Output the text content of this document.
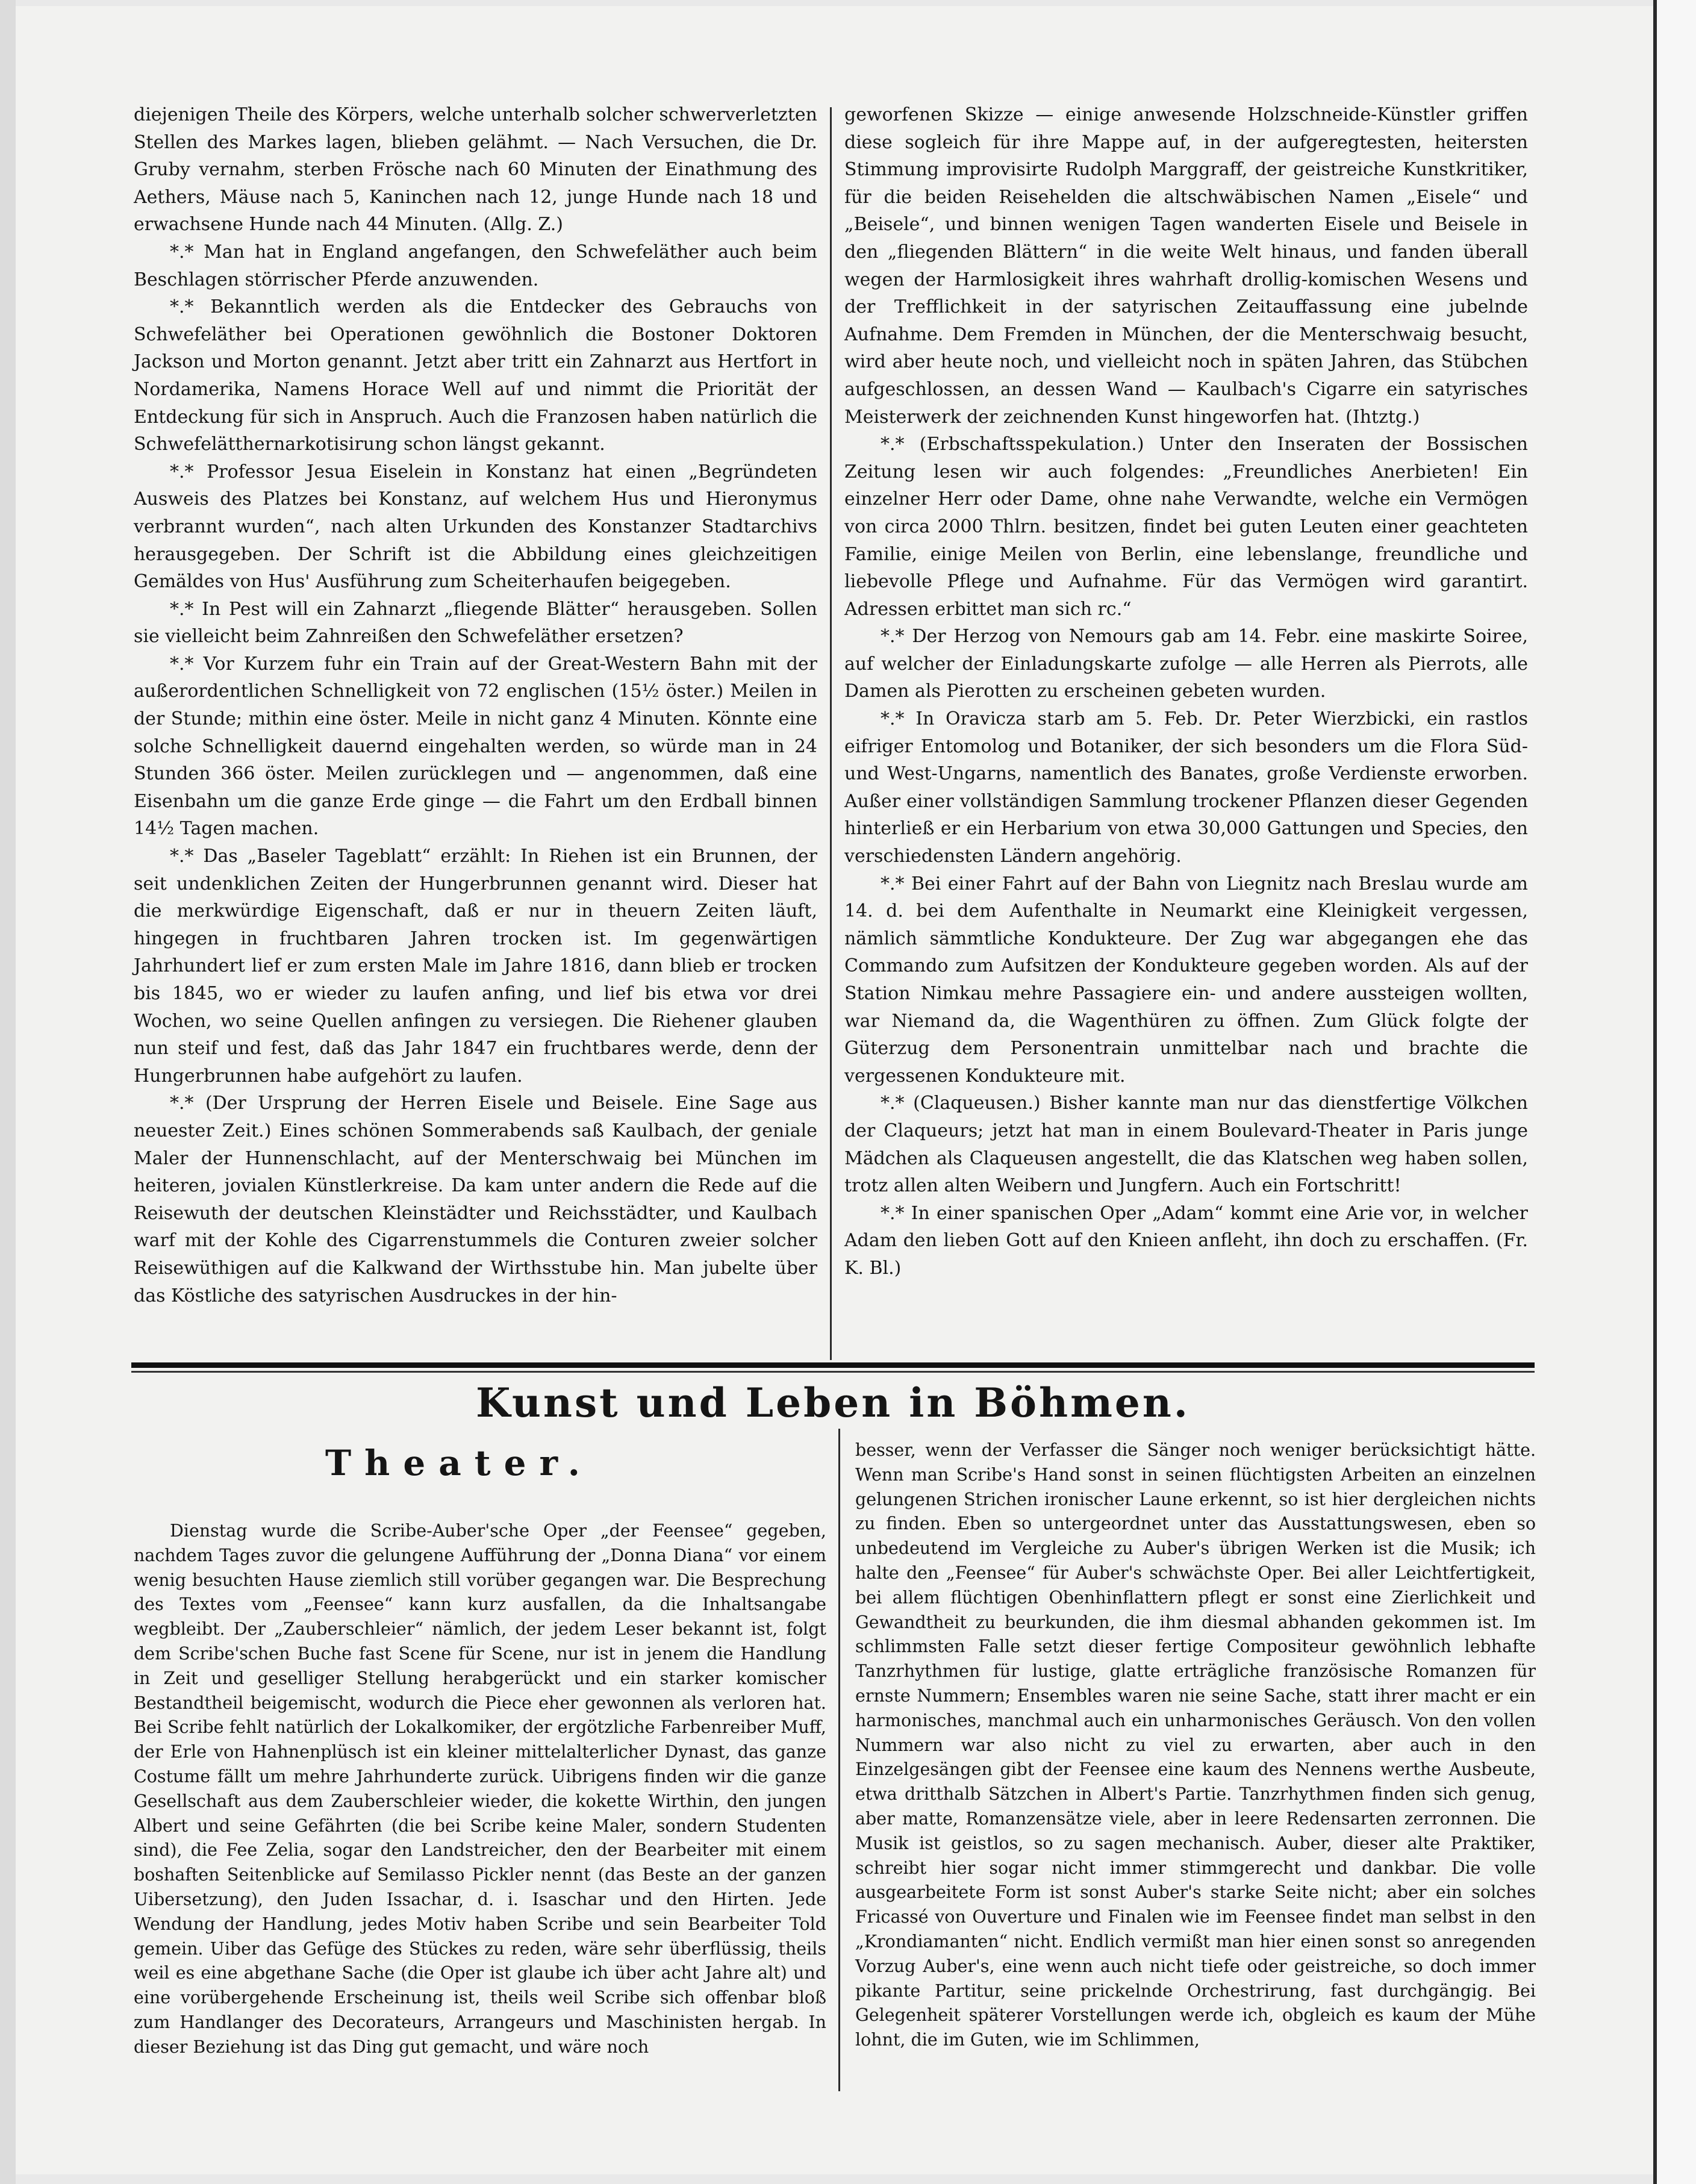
diejenigen Theile des Körpers, welche unterhalb solcher schwerverletzten Stellen des Markes lagen, blieben gelähmt. — Nach Versuchen, die Dr. Gruby vernahm, sterben Frösche nach 60 Minuten der Einathmung des Aethers, Mäuse nach 5, Kaninchen nach 12, junge Hunde nach 18 und erwachsene Hunde nach 44 Minuten. (Allg. Z.)

*.* Man hat in England angefangen, den Schwefeläther auch beim Beschlagen störrischer Pferde anzuwenden.

*.* Bekanntlich werden als die Entdecker des Gebrauchs von Schwefeläther bei Operationen gewöhnlich die Bostoner Doktoren Jackson und Morton genannt. Jetzt aber tritt ein Zahnarzt aus Hertfort in Nordamerika, Namens Horace Well auf und nimmt die Priorität der Entdeckung für sich in Anspruch. Auch die Franzosen haben natürlich die Schwefelätthernarkotisirung schon längst gekannt.

*.* Professor Jesua Eiselein in Konstanz hat einen „Begründeten Ausweis des Platzes bei Konstanz, auf welchem Hus und Hieronymus verbrannt wurden“, nach alten Urkunden des Konstanzer Stadtarchivs herausgegeben. Der Schrift ist die Abbildung eines gleichzeitigen Gemäldes von Hus' Ausführung zum Scheiterhaufen beigegeben.

*.* In Pest will ein Zahnarzt „fliegende Blätter“ herausgeben. Sollen sie vielleicht beim Zahnreißen den Schwefeläther ersetzen?

*.* Vor Kurzem fuhr ein Train auf der Great-Western Bahn mit der außerordentlichen Schnelligkeit von 72 englischen (15½ öster.) Meilen in der Stunde; mithin eine öster. Meile in nicht ganz 4 Minuten. Könnte eine solche Schnelligkeit dauernd eingehalten werden, so würde man in 24 Stunden 366 öster. Meilen zurücklegen und — angenommen, daß eine Eisenbahn um die ganze Erde ginge — die Fahrt um den Erdball binnen 14½ Tagen machen.

*.* Das „Baseler Tageblatt“ erzählt: In Riehen ist ein Brunnen, der seit undenklichen Zeiten der Hungerbrunnen genannt wird. Dieser hat die merkwürdige Eigenschaft, daß er nur in theuern Zeiten läuft, hingegen in fruchtbaren Jahren trocken ist. Im gegenwärtigen Jahrhundert lief er zum ersten Male im Jahre 1816, dann blieb er trocken bis 1845, wo er wieder zu laufen anfing, und lief bis etwa vor drei Wochen, wo seine Quellen anfingen zu versiegen. Die Riehener glauben nun steif und fest, daß das Jahr 1847 ein fruchtbares werde, denn der Hungerbrunnen habe aufgehört zu laufen.

*.* (Der Ursprung der Herren Eisele und Beisele. Eine Sage aus neuester Zeit.) Eines schönen Sommerabends saß Kaulbach, der geniale Maler der Hunnenschlacht, auf der Menterschwaig bei München im heiteren, jovialen Künstlerkreise. Da kam unter andern die Rede auf die Reisewuth der deutschen Kleinstädter und Reichsstädter, und Kaulbach warf mit der Kohle des Cigarrenstummels die Conturen zweier solcher Reisewüthigen auf die Kalkwand der Wirthsstube hin. Man jubelte über das Köstliche des satyrischen Ausdruckes in der hin-

geworfenen Skizze — einige anwesende Holzschneide-Künstler griffen diese sogleich für ihre Mappe auf, in der aufgeregtesten, heitersten Stimmung improvisirte Rudolph Marggraff, der geistreiche Kunstkritiker, für die beiden Reisehelden die altschwäbischen Namen „Eisele“ und „Beisele“, und binnen wenigen Tagen wanderten Eisele und Beisele in den „fliegenden Blättern“ in die weite Welt hinaus, und fanden überall wegen der Harmlosigkeit ihres wahrhaft drollig-komischen Wesens und der Trefflichkeit in der satyrischen Zeitauffassung eine jubelnde Aufnahme. Dem Fremden in München, der die Menterschwaig besucht, wird aber heute noch, und vielleicht noch in späten Jahren, das Stübchen aufgeschlossen, an dessen Wand — Kaulbach's Cigarre ein satyrisches Meisterwerk der zeichnenden Kunst hingeworfen hat. (Ihtztg.)

*.* (Erbschaftsspekulation.) Unter den Inseraten der Bossischen Zeitung lesen wir auch folgendes: „Freundliches Anerbieten! Ein einzelner Herr oder Dame, ohne nahe Verwandte, welche ein Vermögen von circa 2000 Thlrn. besitzen, findet bei guten Leuten einer geachteten Familie, einige Meilen von Berlin, eine lebenslange, freundliche und liebevolle Pflege und Aufnahme. Für das Vermögen wird garantirt. Adressen erbittet man sich rc.“

*.* Der Herzog von Nemours gab am 14. Febr. eine maskirte Soiree, auf welcher der Einladungskarte zufolge — alle Herren als Pierrots, alle Damen als Pierotten zu erscheinen gebeten wurden.

*.* In Oravicza starb am 5. Feb. Dr. Peter Wierzbicki, ein rastlos eifriger Entomolog und Botaniker, der sich besonders um die Flora Süd- und West-Ungarns, namentlich des Banates, große Verdienste erworben. Außer einer vollständigen Sammlung trockener Pflanzen dieser Gegenden hinterließ er ein Herbarium von etwa 30,000 Gattungen und Species, den verschiedensten Ländern angehörig.

*.* Bei einer Fahrt auf der Bahn von Liegnitz nach Breslau wurde am 14. d. bei dem Aufenthalte in Neumarkt eine Kleinigkeit vergessen, nämlich sämmtliche Kondukteure. Der Zug war abgegangen ehe das Commando zum Aufsitzen der Kondukteure gegeben worden. Als auf der Station Nimkau mehre Passagiere ein- und andere aussteigen wollten, war Niemand da, die Wagenthüren zu öffnen. Zum Glück folgte der Güterzug dem Personentrain unmittelbar nach und brachte die vergessenen Kondukteure mit.

*.* (Claqueusen.) Bisher kannte man nur das dienstfertige Völkchen der Claqueurs; jetzt hat man in einem Boulevard-Theater in Paris junge Mädchen als Claqueusen angestellt, die das Klatschen weg haben sollen, trotz allen alten Weibern und Jungfern. Auch ein Fortschritt!

*.* In einer spanischen Oper „Adam“ kommt eine Arie vor, in welcher Adam den lieben Gott auf den Knieen anfleht, ihn doch zu erschaffen. (Fr. K. Bl.)

Kunst und Leben in Böhmen.
Theater.

Dienstag wurde die Scribe-Auber'sche Oper „der Feensee“ gegeben, nachdem Tages zuvor die gelungene Aufführung der „Donna Diana“ vor einem wenig besuchten Hause ziemlich still vorüber gegangen war. Die Besprechung des Textes vom „Feensee“ kann kurz ausfallen, da die Inhaltsangabe wegbleibt. Der „Zauberschleier“ nämlich, der jedem Leser bekannt ist, folgt dem Scribe'schen Buche fast Scene für Scene, nur ist in jenem die Handlung in Zeit und geselliger Stellung herabgerückt und ein starker komischer Bestandtheil beigemischt, wodurch die Piece eher gewonnen als verloren hat. Bei Scribe fehlt natürlich der Lokalkomiker, der ergötzliche Farbenreiber Muff, der Erle von Hahnenplüsch ist ein kleiner mittelalterlicher Dynast, das ganze Costume fällt um mehre Jahrhunderte zurück. Uibrigens finden wir die ganze Gesellschaft aus dem Zauberschleier wieder, die kokette Wirthin, den jungen Albert und seine Gefährten (die bei Scribe keine Maler, sondern Studenten sind), die Fee Zelia, sogar den Landstreicher, den der Bearbeiter mit einem boshaften Seitenblicke auf Semilasso Pickler nennt (das Beste an der ganzen Uibersetzung), den Juden Issachar, d. i. Isaschar und den Hirten. Jede Wendung der Handlung, jedes Motiv haben Scribe und sein Bearbeiter Told gemein. Uiber das Gefüge des Stückes zu reden, wäre sehr überflüssig, theils weil es eine abgethane Sache (die Oper ist glaube ich über acht Jahre alt) und eine vorübergehende Erscheinung ist, theils weil Scribe sich offenbar bloß zum Handlanger des Decorateurs, Arrangeurs und Maschinisten hergab. In dieser Beziehung ist das Ding gut gemacht, und wäre noch

besser, wenn der Verfasser die Sänger noch weniger berücksichtigt hätte. Wenn man Scribe's Hand sonst in seinen flüchtigsten Arbeiten an einzelnen gelungenen Strichen ironischer Laune erkennt, so ist hier dergleichen nichts zu finden. Eben so untergeordnet unter das Ausstattungswesen, eben so unbedeutend im Vergleiche zu Auber's übrigen Werken ist die Musik; ich halte den „Feensee“ für Auber's schwächste Oper. Bei aller Leichtfertigkeit, bei allem flüchtigen Obenhinflattern pflegt er sonst eine Zierlichkeit und Gewandtheit zu beurkunden, die ihm diesmal abhanden gekommen ist. Im schlimmsten Falle setzt dieser fertige Compositeur gewöhnlich lebhafte Tanzrhythmen für lustige, glatte erträgliche französische Romanzen für ernste Nummern; Ensembles waren nie seine Sache, statt ihrer macht er ein harmonisches, manchmal auch ein unharmonisches Geräusch. Von den vollen Nummern war also nicht zu viel zu erwarten, aber auch in den Einzelgesängen gibt der Feensee eine kaum des Nennens werthe Ausbeute, etwa dritthalb Sätzchen in Albert's Partie. Tanzrhythmen finden sich genug, aber matte, Romanzensätze viele, aber in leere Redensarten zerronnen. Die Musik ist geistlos, so zu sagen mechanisch. Auber, dieser alte Praktiker, schreibt hier sogar nicht immer stimmgerecht und dankbar. Die volle ausgearbeitete Form ist sonst Auber's starke Seite nicht; aber ein solches Fricassé von Ouverture und Finalen wie im Feensee findet man selbst in den „Krondiamanten“ nicht. Endlich vermißt man hier einen sonst so anregenden Vorzug Auber's, eine wenn auch nicht tiefe oder geistreiche, so doch immer pikante Partitur, seine prickelnde Orchestrirung, fast durchgängig. Bei Gelegenheit späterer Vorstellungen werde ich, obgleich es kaum der Mühe lohnt, die im Guten, wie im Schlimmen,
